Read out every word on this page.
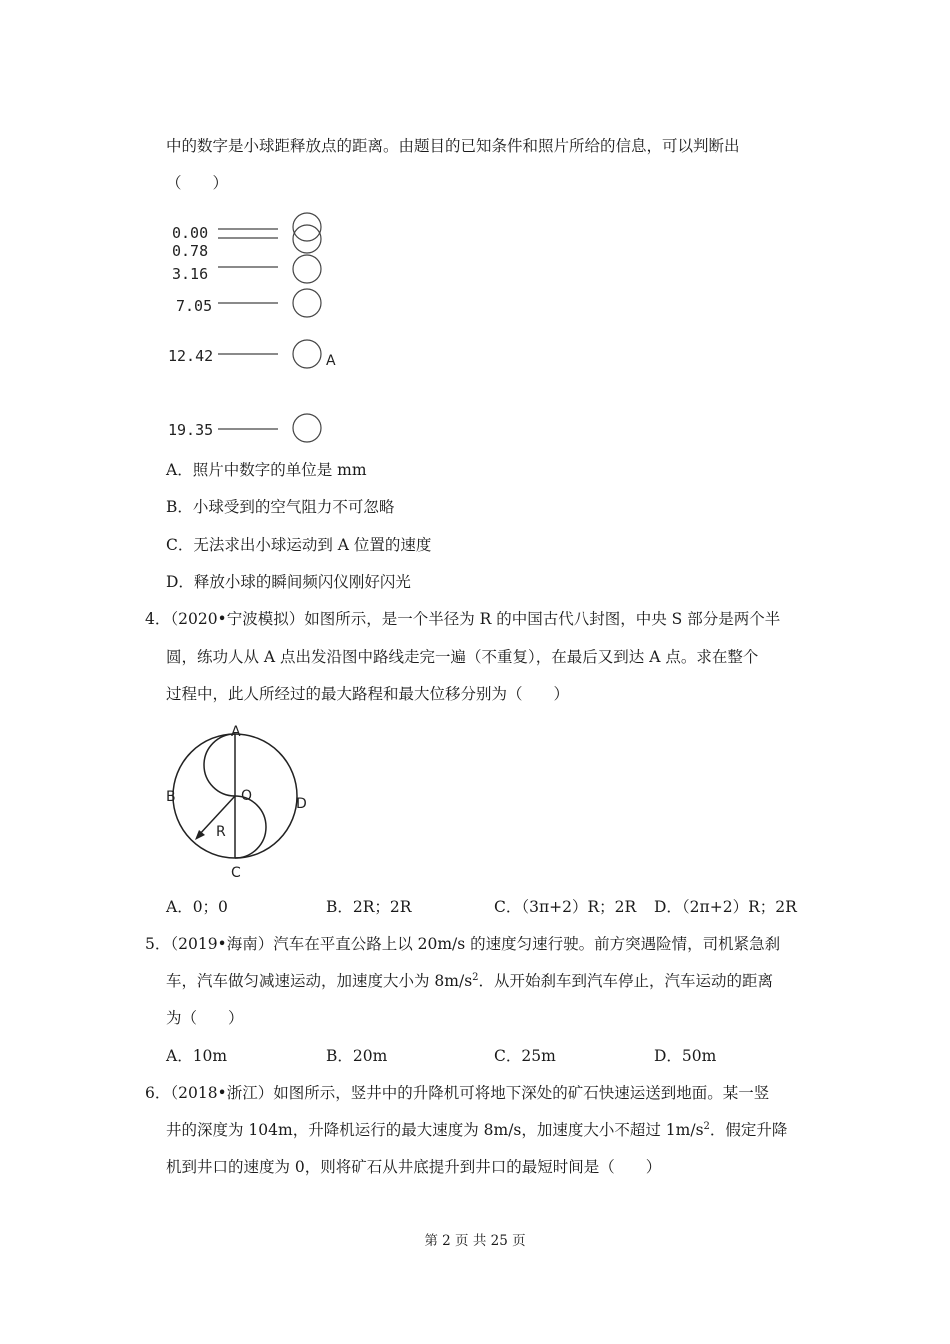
中的数字是小球距释放点的距离。由题目的已知条件和照片所给的信息，可以判断出
（　　）
0.00
0.78
3.16
7.05
12.42
19.35
A
A．照片中数字的单位是 mm
B．小球受到的空气阻力不可忽略
C．无法求出小球运动到 A 位置的速度
D．释放小球的瞬间频闪仪刚好闪光
4．（2020•宁波模拟）如图所示，是一个半径为 R 的中国古代八封图，中央 S 部分是两个半
圆，练功人从 A 点出发沿图中路线走完一遍（不重复），在最后又到达 A 点。求在整个
过程中，此人所经过的最大路程和最大位移分别为（　　）
A
B
C
D
O
R
A．0；0	B．2R；2R	C．（3π+2）R；2R D．（2π+2）R；2R
5．（2019•海南）汽车在平直公路上以 20m/s 的速度匀速行驶。前方突遇险情，司机紧急刹
车，汽车做匀减速运动，加速度大小为 $8m/s^2$．从开始刹车到汽车停止，汽车运动的距离
为（　　）
A．10m	B．20m	C．25m	D．50m
6．（2018•浙江）如图所示，竖井中的升降机可将地下深处的矿石快速运送到地面。某一竖
井的深度为 104m，升降机运行的最大速度为 8m/s，加速度大小不超过 $1m/s^2$．假定升降
机到井口的速度为 0，则将矿石从井底提升到井口的最短时间是（　　）
第 2 页 共 25 页
